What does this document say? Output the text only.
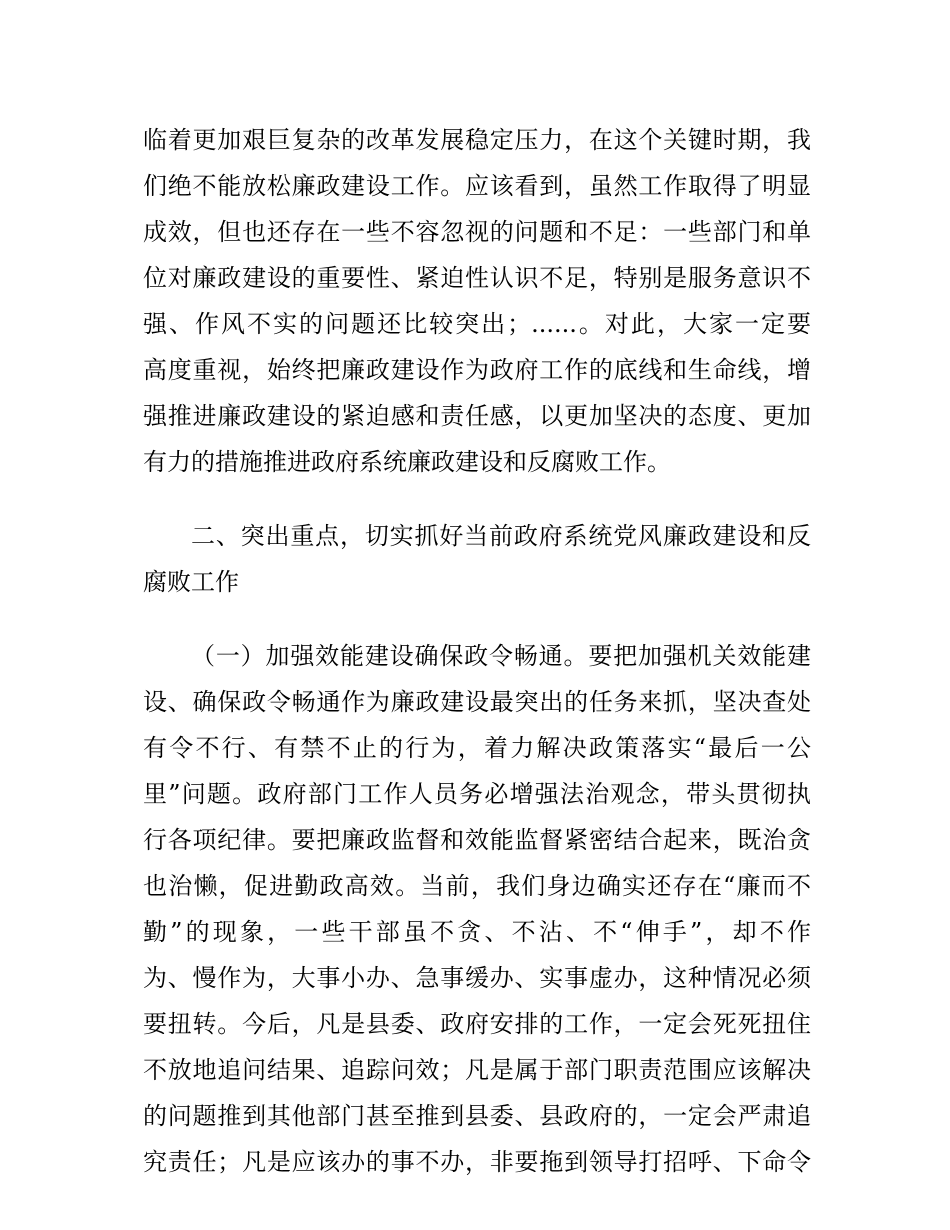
临着更加艰巨复杂的改革发展稳定压力，在这个关键时期，我
们绝不能放松廉政建设工作。应该看到，虽然工作取得了明显
成效，但也还存在一些不容忽视的问题和不足：一些部门和单
位对廉政建设的重要性、紧迫性认识不足，特别是服务意识不
强、作风不实的问题还比较突出；......。对此，大家一定要
高度重视，始终把廉政建设作为政府工作的底线和生命线，增
强推进廉政建设的紧迫感和责任感，以更加坚决的态度、更加
有力的措施推进政府系统廉政建设和反腐败工作。
二、突出重点，切实抓好当前政府系统党风廉政建设和反
腐败工作
（一）加强效能建设确保政令畅通。要把加强机关效能建
设、确保政令畅通作为廉政建设最突出的任务来抓，坚决查处
有令不行、有禁不止的行为，着力解决政策落实“最后一公
里”问题。政府部门工作人员务必增强法治观念，带头贯彻执
行各项纪律。要把廉政监督和效能监督紧密结合起来，既治贪
也治懒，促进勤政高效。当前，我们身边确实还存在“廉而不
勤”的现象，一些干部虽不贪、不沾、不“伸手”，却不作
为、慢作为，大事小办、急事缓办、实事虚办，这种情况必须
要扭转。今后，凡是县委、政府安排的工作，一定会死死扭住
不放地追问结果、追踪问效；凡是属于部门职责范围应该解决
的问题推到其他部门甚至推到县委、县政府的，一定会严肃追
究责任；凡是应该办的事不办，非要拖到领导打招呼、下命令
